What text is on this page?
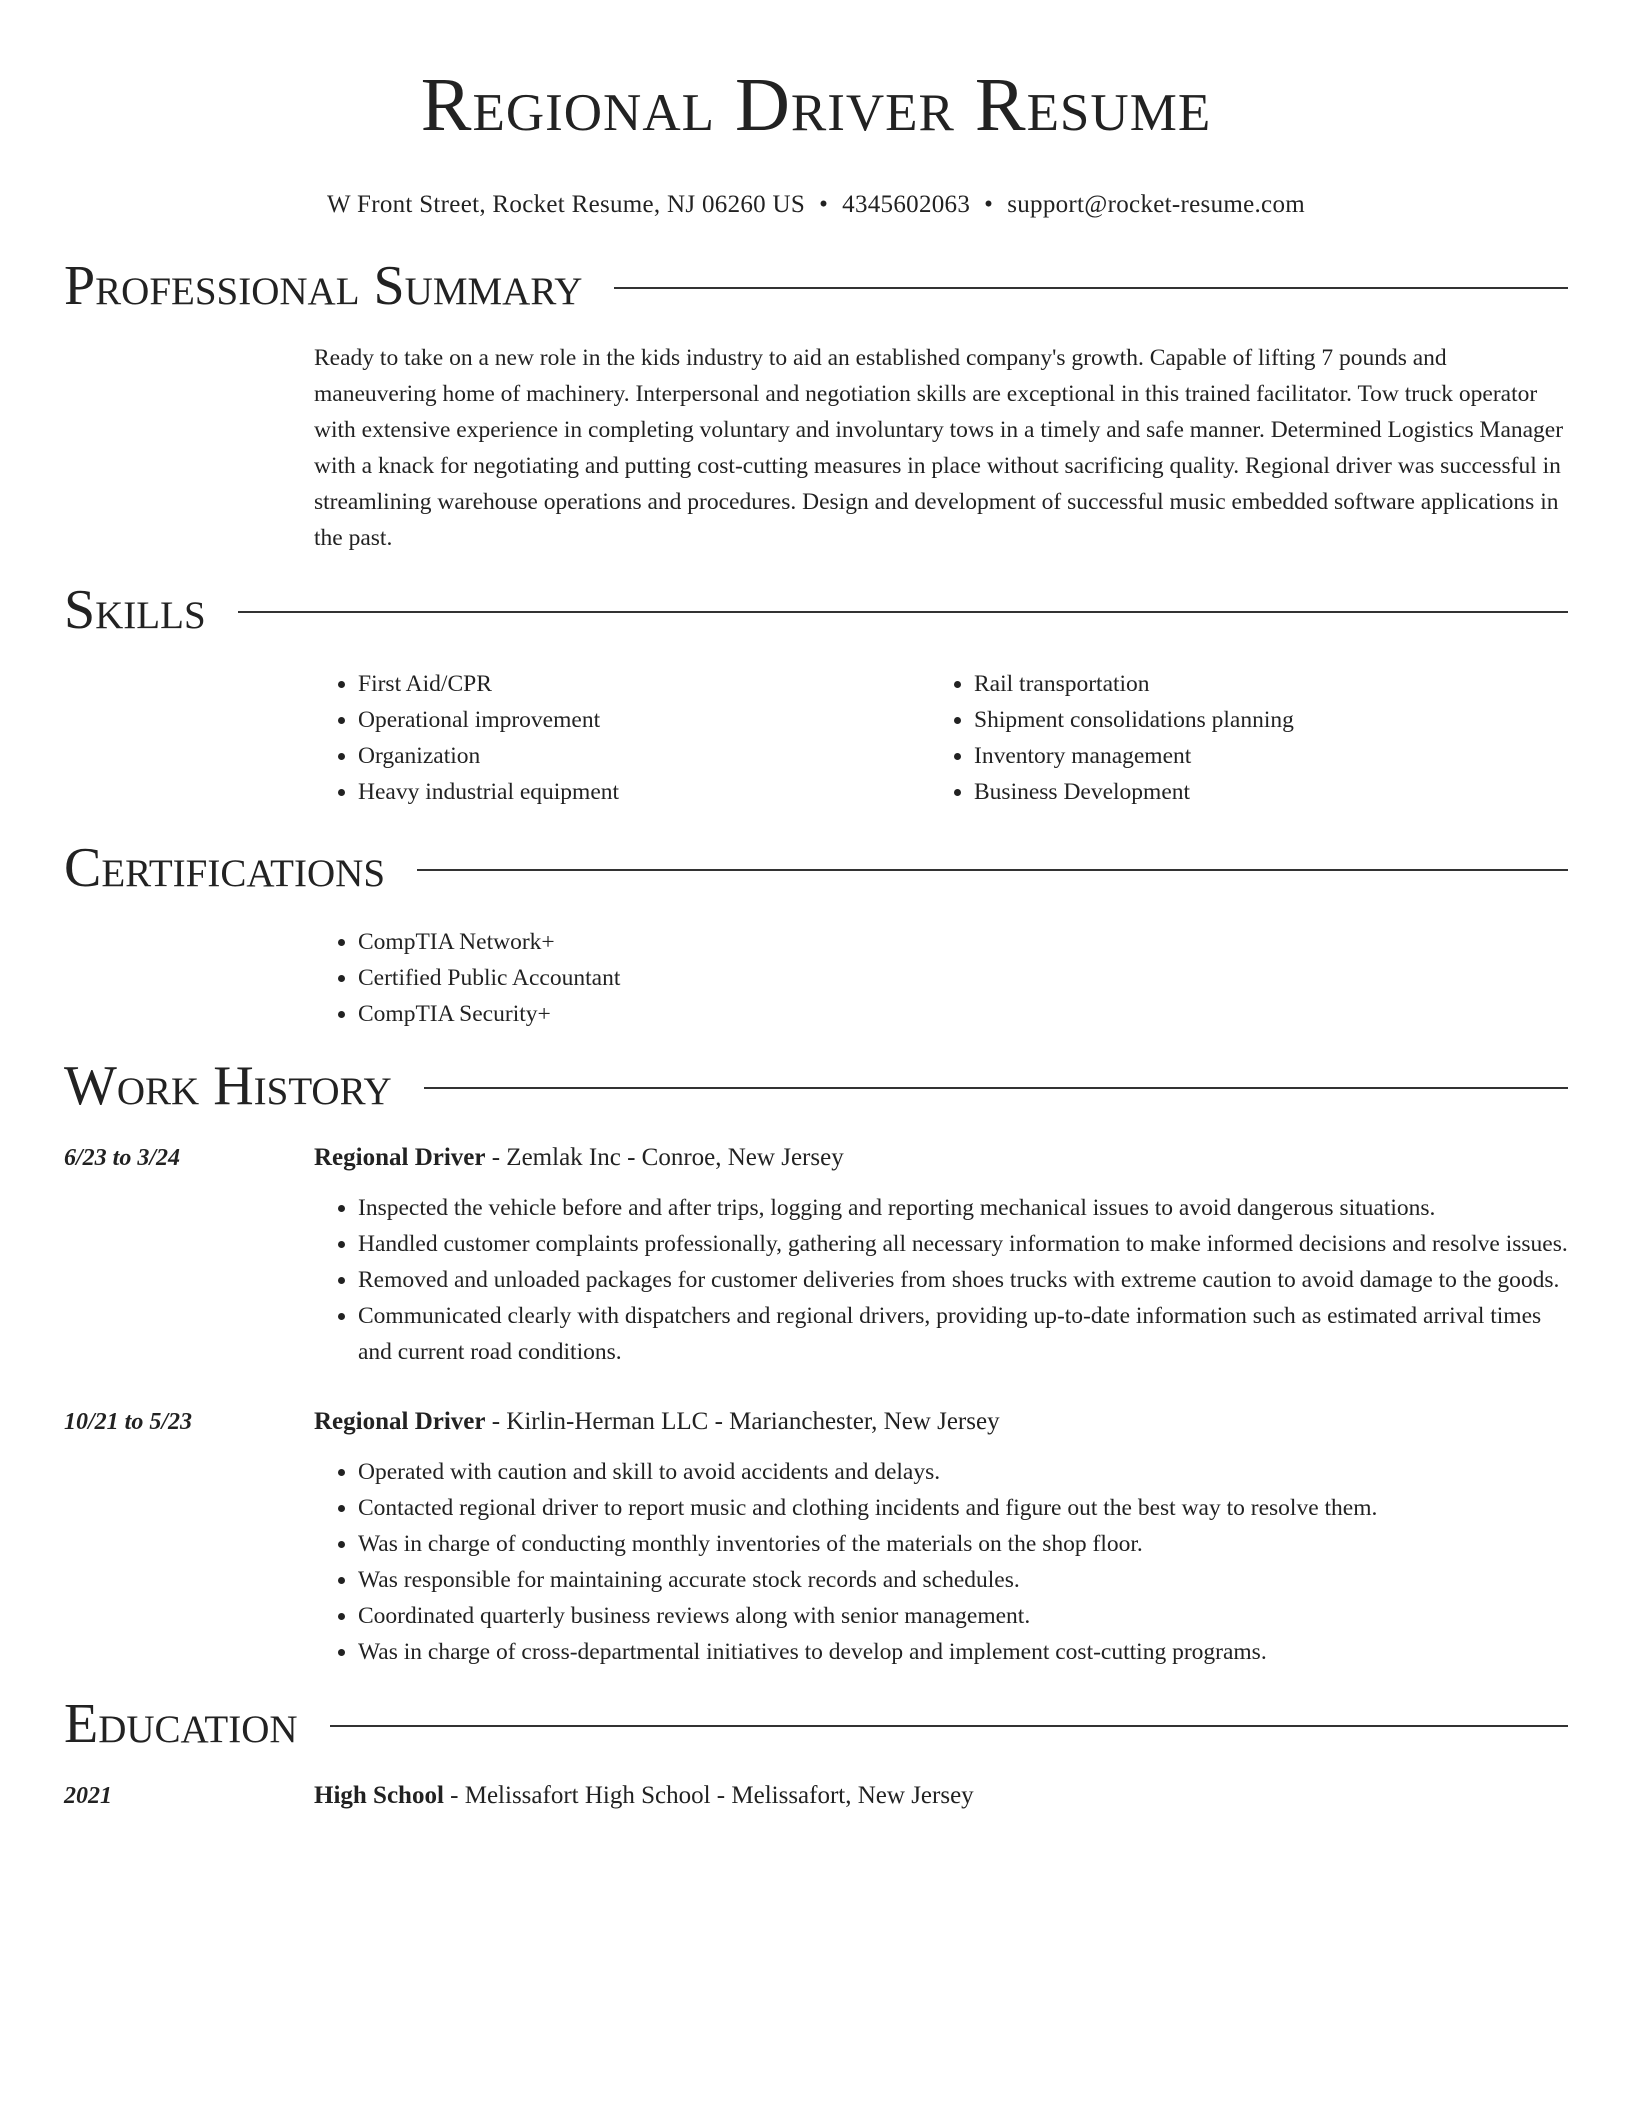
Regional Driver Resume
W Front Street, Rocket Resume, NJ 06260 US • 4345602063 • support@rocket-resume.com
Professional Summary

Ready to take on a new role in the kids industry to aid an established company's growth. Capable of lifting 7 pounds and maneuvering home of machinery. Interpersonal and negotiation skills are exceptional in this trained facilitator. Tow truck operator with extensive experience in completing voluntary and involuntary tows in a timely and safe manner. Determined Logistics Manager with a knack for negotiating and putting cost-cutting measures in place without sacrificing quality. Regional driver was successful in streamlining warehouse operations and procedures. Design and development of successful music embedded software applications in the past.

Skills
• First Aid/CPR
• Operational improvement
• Organization
• Heavy industrial equipment
• Rail transportation
• Shipment consolidations planning
• Inventory management
• Business Development
Certifications
• CompTIA Network+
• Certified Public Accountant
• CompTIA Security+
Work History
6/23 to 3/24	Regional Driver - Zemlak Inc - Conroe, New Jersey
• Inspected the vehicle before and after trips, logging and reporting mechanical issues to avoid dangerous situations.
• Handled customer complaints professionally, gathering all necessary information to make informed decisions and resolve issues.
• Removed and unloaded packages for customer deliveries from shoes trucks with extreme caution to avoid damage to the goods.
• Communicated clearly with dispatchers and regional drivers, providing up-to-date information such as estimated arrival times and current road conditions.
10/21 to 5/23	Regional Driver - Kirlin-Herman LLC - Marianchester, New Jersey
• Operated with caution and skill to avoid accidents and delays.
• Contacted regional driver to report music and clothing incidents and figure out the best way to resolve them.
• Was in charge of conducting monthly inventories of the materials on the shop floor.
• Was responsible for maintaining accurate stock records and schedules.
• Coordinated quarterly business reviews along with senior management.
• Was in charge of cross-departmental initiatives to develop and implement cost-cutting programs.
Education
2021	High School - Melissafort High School - Melissafort, New Jersey
